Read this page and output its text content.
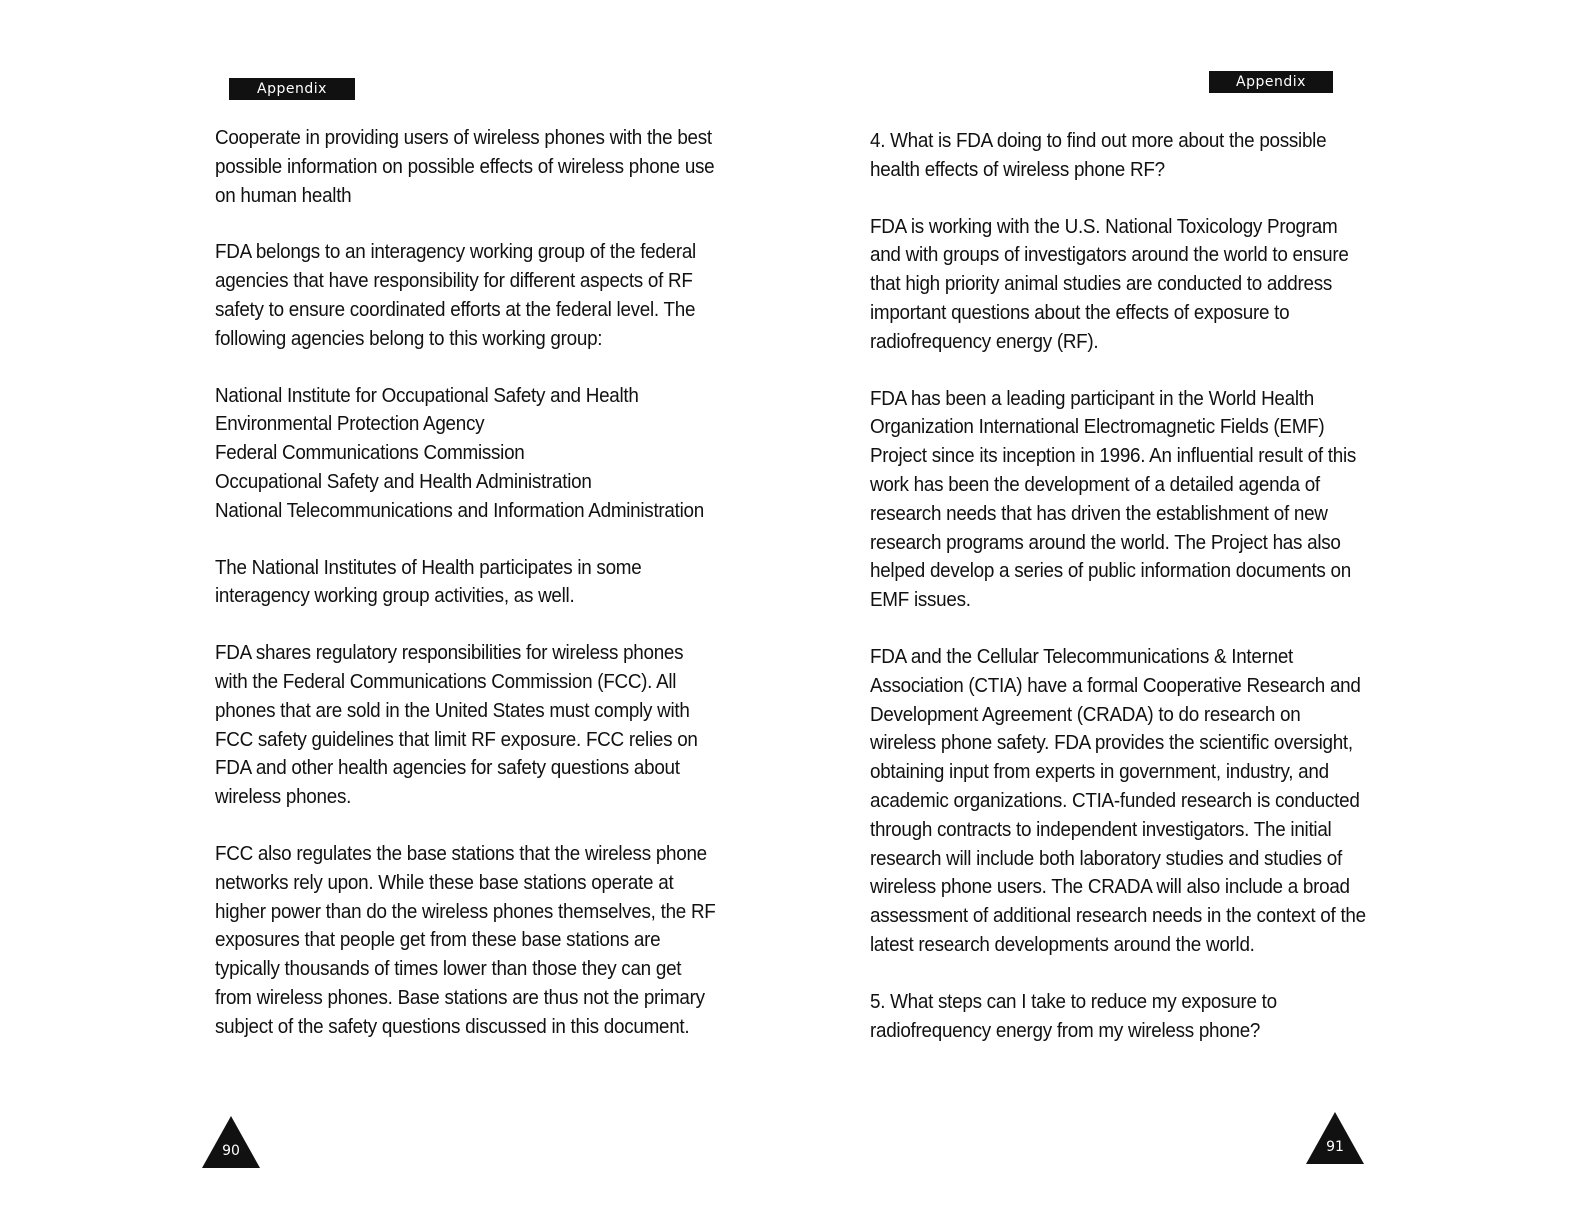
Appendix

Cooperate in providing users of wireless phones with the best possible information on possible effects of wireless phone use on human health

FDA belongs to an interagency working group of the federal agencies that have responsibility for different aspects of RF safety to ensure coordinated efforts at the federal level. The following agencies belong to this working group:

National Institute for Occupational Safety and Health
Environmental Protection Agency
Federal Communications Commission
Occupational Safety and Health Administration
National Telecommunications and Information Administration

The National Institutes of Health participates in some interagency working group activities, as well.

FDA shares regulatory responsibilities for wireless phones with the Federal Communications Commission (FCC). All phones that are sold in the United States must comply with FCC safety guidelines that limit RF exposure. FCC relies on FDA and other health agencies for safety questions about wireless phones.

FCC also regulates the base stations that the wireless phone networks rely upon. While these base stations operate at higher power than do the wireless phones themselves, the RF exposures that people get from these base stations are typically thousands of times lower than those they can get from wireless phones. Base stations are thus not the primary subject of the safety questions discussed in this document.

90
Appendix

4. What is FDA doing to find out more about the possible health effects of wireless phone RF?

FDA is working with the U.S. National Toxicology Program and with groups of investigators around the world to ensure that high priority animal studies are conducted to address important questions about the effects of exposure to radiofrequency energy (RF).

FDA has been a leading participant in the World Health Organization International Electromagnetic Fields (EMF) Project since its inception in 1996. An influential result of this work has been the development of a detailed agenda of research needs that has driven the establishment of new research programs around the world. The Project has also helped develop a series of public information documents on EMF issues.

FDA and the Cellular Telecommunications & Internet Association (CTIA) have a formal Cooperative Research and Development Agreement (CRADA) to do research on wireless phone safety. FDA provides the scientific oversight, obtaining input from experts in government, industry, and academic organizations. CTIA-funded research is conducted through contracts to independent investigators. The initial research will include both laboratory studies and studies of wireless phone users. The CRADA will also include a broad assessment of additional research needs in the context of the latest research developments around the world.

5. What steps can I take to reduce my exposure to radiofrequency energy from my wireless phone?

91
